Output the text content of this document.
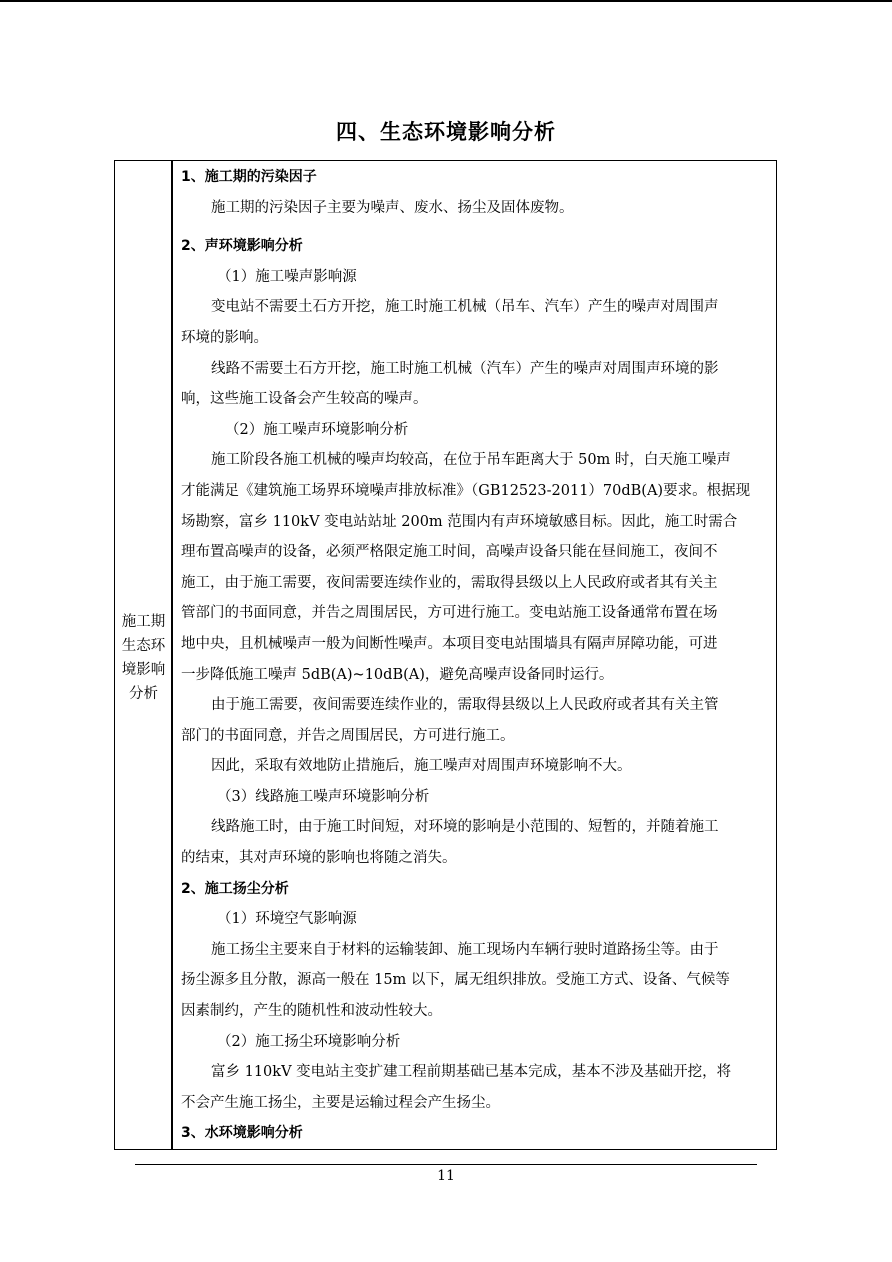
四、生态环境影响分析
施工期
生态环
境影响
分析
1、施工期的污染因子
施工期的污染因子主要为噪声、废水、扬尘及固体废物。
2、声环境影响分析
（1）施工噪声影响源
变电站不需要土石方开挖，施工时施工机械（吊车、汽车）产生的噪声对周围声
环境的影响。
线路不需要土石方开挖，施工时施工机械（汽车）产生的噪声对周围声环境的影
响，这些施工设备会产生较高的噪声。
（2）施工噪声环境影响分析
施工阶段各施工机械的噪声均较高，在位于吊车距离大于 50m 时，白天施工噪声
才能满足《建筑施工场界环境噪声排放标准》（GB12523-2011）70dB(A)要求。根据现
场勘察，富乡 110kV 变电站站址 200m 范围内有声环境敏感目标。因此，施工时需合
理布置高噪声的设备，必须严格限定施工时间，高噪声设备只能在昼间施工，夜间不
施工，由于施工需要，夜间需要连续作业的，需取得县级以上人民政府或者其有关主
管部门的书面同意，并告之周围居民，方可进行施工。变电站施工设备通常布置在场
地中央，且机械噪声一般为间断性噪声。本项目变电站围墙具有隔声屏障功能，可进
一步降低施工噪声 5dB(A)~10dB(A)，避免高噪声设备同时运行。
由于施工需要，夜间需要连续作业的，需取得县级以上人民政府或者其有关主管
部门的书面同意，并告之周围居民，方可进行施工。
因此，采取有效地防止措施后，施工噪声对周围声环境影响不大。
（3）线路施工噪声环境影响分析
线路施工时，由于施工时间短，对环境的影响是小范围的、短暂的，并随着施工
的结束，其对声环境的影响也将随之消失。
2、施工扬尘分析
（1）环境空气影响源
施工扬尘主要来自于材料的运输装卸、施工现场内车辆行驶时道路扬尘等。由于
扬尘源多且分散，源高一般在 15m 以下，属无组织排放。受施工方式、设备、气候等
因素制约，产生的随机性和波动性较大。
（2）施工扬尘环境影响分析
富乡 110kV 变电站主变扩建工程前期基础已基本完成，基本不涉及基础开挖，将
不会产生施工扬尘，主要是运输过程会产生扬尘。
3、水环境影响分析
11
